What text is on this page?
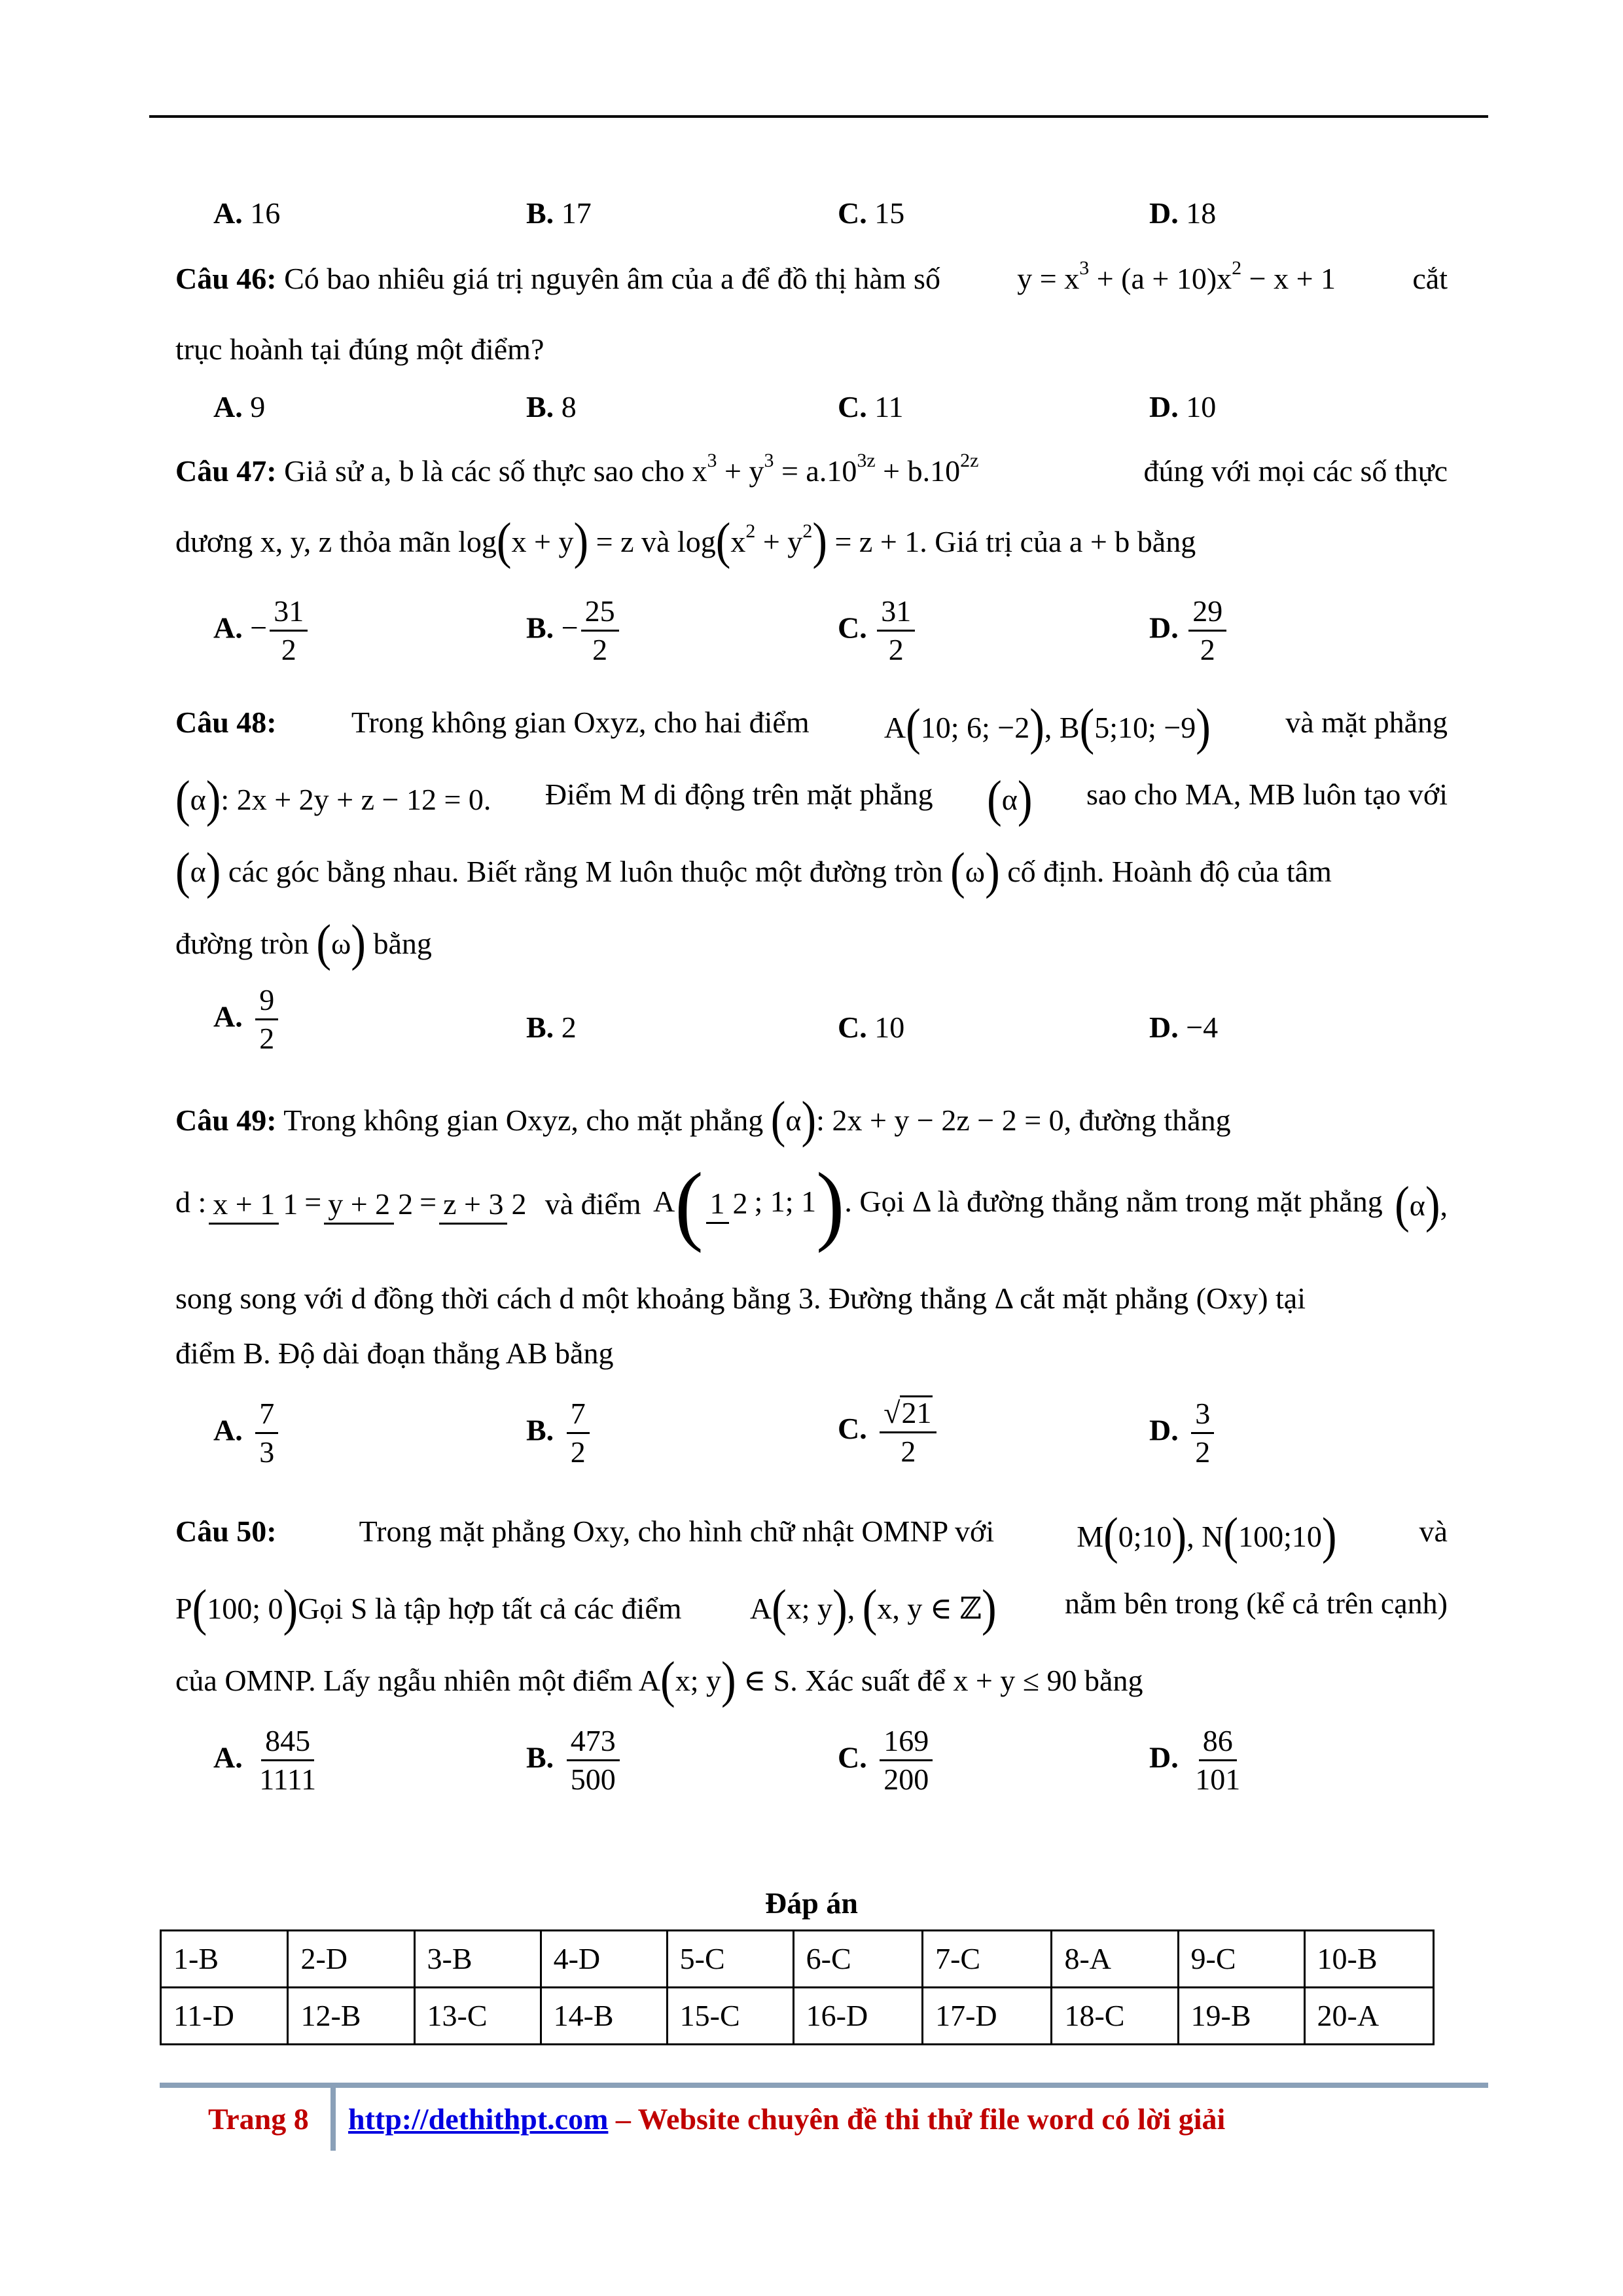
A. 16	B. 17	C. 15	D. 18
Câu 46: Có bao nhiêu giá trị nguyên âm của a để đồ thị hàm số	$y = x^3 + (a + 10)x^2 - x + 1$	cắt
trục hoành tại đúng một điểm?
A. 9	B. 8	C. 11	D. 10
Câu 47: Giả sử a, b là các số thực sao cho $x^3 + y^3 = a.10^{3z} + b.10^{2z}$	đúng với mọi các số thực
dương x, y, z thỏa mãn log(x + y) = z và $\log(x^2 + y^2) = z + 1$. Giá trị của a + b bằng
A. − $\frac{31}{2}$	B. − $\frac{25}{2}$	C. $\frac{31}{2}$	D. $\frac{29}{2}$
Câu 48: Trong không gian Oxyz, cho hai điểm A(10; 6; −2), B(5;10; −9) và mặt phẳng
(α): 2x + 2y + z − 12 = 0. Điểm M di động trên mặt phẳng (α) sao cho MA, MB luôn tạo với
(α) các góc bằng nhau. Biết rằng M luôn thuộc một đường tròn (ω) cố định. Hoành độ của tâm
đường tròn (ω) bằng
A. $\frac{9}{2}$	B. 2	C. 10	D. −4
Câu 49: Trong không gian Oxyz, cho mặt phẳng (α): 2x + y − 2z − 2 = 0, đường thẳng
d : x + 1 1 = y + 2 2 = z + 3 2 và điểm A( 1 2 ; 1; 1). Gọi Δ là đường thẳng nằm trong mặt phẳng (α),
song song với d đồng thời cách d một khoảng bằng 3. Đường thẳng Δ cắt mặt phẳng (Oxy) tại
điểm B. Độ dài đoạn thẳng AB bằng
A. $\frac{7}{3}$	B. $\frac{7}{2}$	C. $\frac{√21}{2}$	D. $\frac{3}{2}$
Câu 50:	Trong mặt phẳng Oxy, cho hình chữ nhật OMNP với	M(0;10), N(100;10)	và
P(100; 0)Gọi S là tập hợp tất cả các điểm A(x; y), (x, y ∈ ℤ) nằm bên trong (kể cả trên cạnh)
của OMNP. Lấy ngẫu nhiên một điểm A(x; y) ∈ S. Xác suất để x + y ≤ 90 bằng
A. $\frac{845}{1111}$	B. $\frac{473}{500}$	C. $\frac{169}{200}$	D. $\frac{86}{101}$
Đáp án
1-B	2-D	3-B	4-D	5-C	6-C	7-C	8-A	9-C	10-B
11-D	12-B	13-C	14-B	15-C	16-D	17-D	18-C	19-B	20-A
Trang 8 http://dethithpt.com – Website chuyên đề thi thử file word có lời giải
